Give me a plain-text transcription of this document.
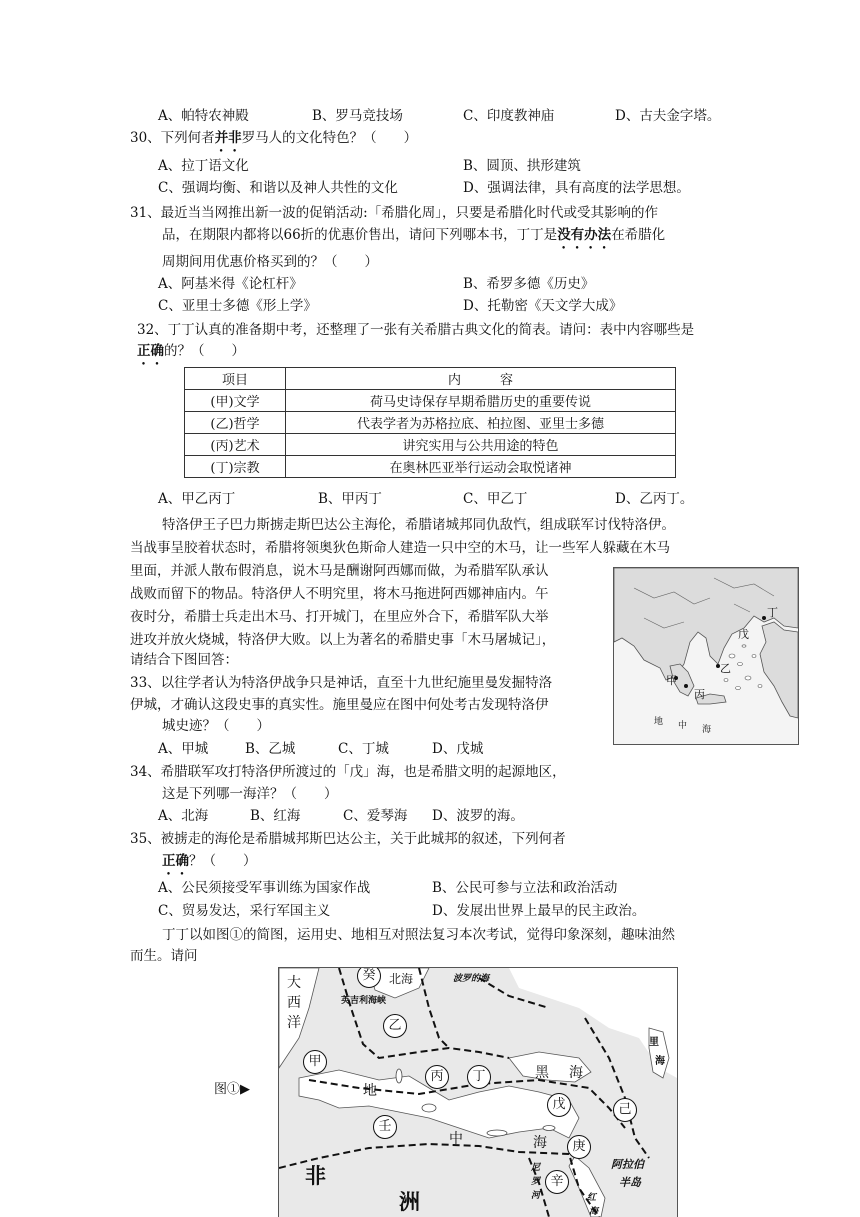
A、帕特农神殿	B、罗马竞技场	C、印度教神庙	D、古夫金字塔。
30、下列何者并非罗马人的文化特色？（　　）
A、拉丁语文化	B、圆顶、拱形建筑
C、强调均衡、和谐以及神人共性的文化	D、强调法律，具有高度的法学思想。
31、最近当当网推出新一波的促销活动:「希腊化周」，只要是希腊化时代或受其影响的作
品，在期限内都将以66折的优惠价售出，请问下列哪本书，丁丁是没有办法在希腊化
周期间用优惠价格买到的？（　　）
A、阿基米得《论杠杆》	B、希罗多德《历史》
C、亚里士多德《形上学》	D、托勒密《天文学大成》
32、丁丁认真的准备期中考，还整理了一张有关希腊古典文化的简表。请问：表中内容哪些是
正确的？（　　）
项目	内　　　容
(甲)文学	荷马史诗保存早期希腊历史的重要传说
(乙)哲学	代表学者为苏格拉底、柏拉图、亚里士多德
(丙)艺术	讲究实用与公共用途的特色
(丁)宗教	在奥林匹亚举行运动会取悦诸神
A、甲乙丙丁	B、甲丙丁	C、甲乙丁	D、乙丙丁。
特洛伊王子巴力斯掳走斯巴达公主海伦，希腊诸城邦同仇敌忾，组成联军讨伐特洛伊。
当战事呈胶着状态时，希腊将领奥狄色斯命人建造一只中空的木马，让一些军人躲藏在木马
里面，并派人散布假消息，说木马是酬谢阿西娜而做，为希腊军队承认
战败而留下的物品。特洛伊人不明究里，将木马拖进阿西娜神庙内。午
夜时分，希腊士兵走出木马、打开城门，在里应外合下，希腊军队大举
进攻并放火烧城，特洛伊大败。以上为著名的希腊史事「木马屠城记」，
请结合下图回答：
丁
戊
乙
甲
丙
地 中 海
33、以往学者认为特洛伊战争只是神话，直至十九世纪施里曼发掘特洛
伊城，才确认这段史事的真实性。施里曼应在图中何处考古发现特洛伊
城史迹？（　　）
A、甲城	B、乙城	C、丁城	D、戊城
34、希腊联军攻打特洛伊所渡过的「戊」海，也是希腊文明的起源地区，
这是下列哪一海洋？（　　）
A、北海	B、红海	C、爱琴海 D、波罗的海。
35、被掳走的海伦是希腊城邦斯巴达公主，关于此城邦的叙述，下列何者
正确？（　　）
A、公民须接受军事训练为国家作战	B、公民可参与立法和政治活动
C、贸易发达，采行军国主义	D、发展出世界上最早的民主政治。
丁丁以如图①的简图，运用史、地相互对照法复习本次考试，觉得印象深刻，趣味油然
而生。请问
图①▶
癸
乙
甲
丙	丁
戊	己
壬
庚
辛
大
西
洋
北海	波罗的海
英吉利海峡
地
中	海
黑 海
里
海
非
洲
阿拉伯
半岛
尼
罗
河	红
海
